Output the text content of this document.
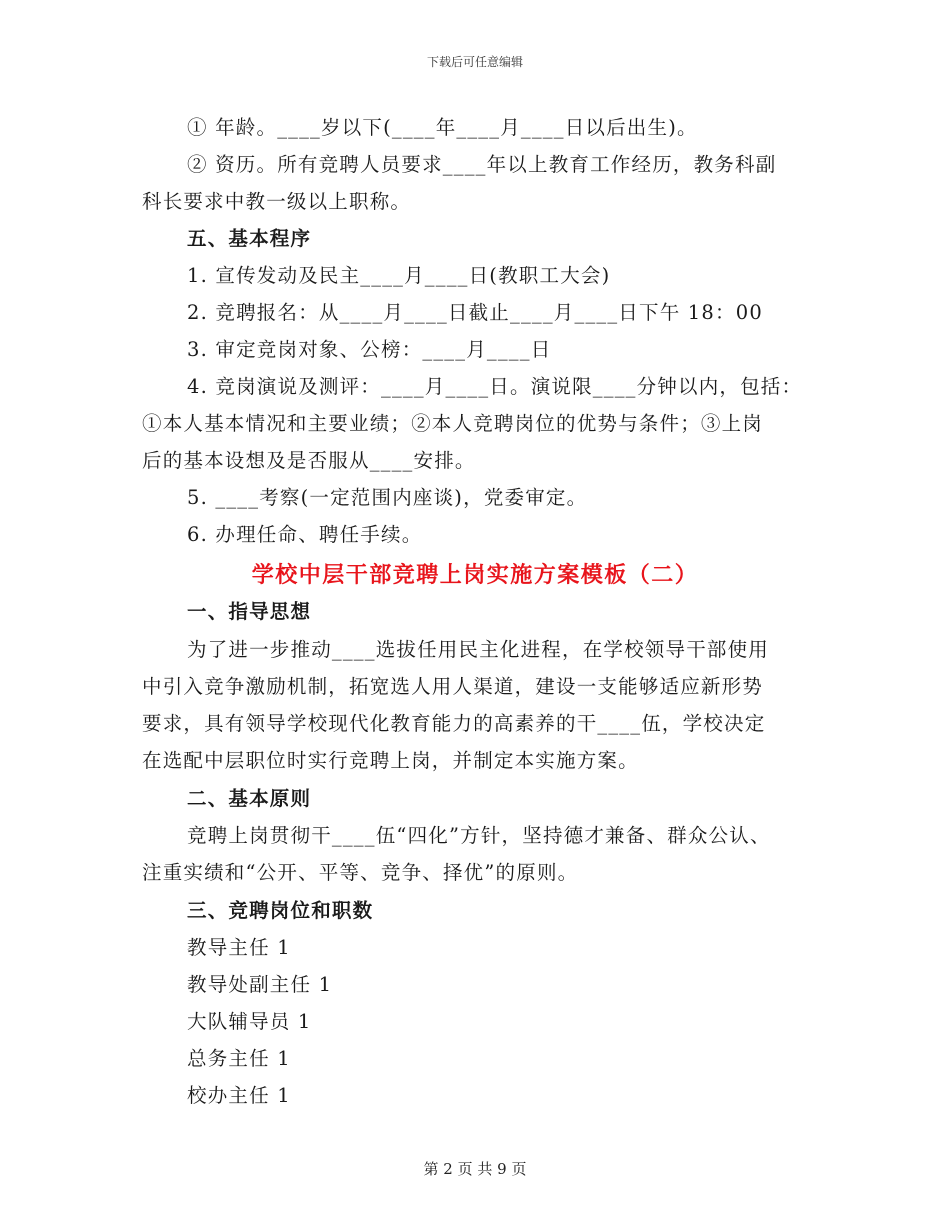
下载后可任意编辑
① 年龄。____岁以下(____年____月____日以后出生)。
② 资历。所有竞聘人员要求____年以上教育工作经历，教务科副
科长要求中教一级以上职称。
五、基本程序
1. 宣传发动及民主____月____日(教职工大会)
2. 竞聘报名：从____月____日截止____月____日下午 18：00
3. 审定竞岗对象、公榜：____月____日
4. 竞岗演说及测评：____月____日。演说限____分钟以内，包括：
①本人基本情况和主要业绩；②本人竞聘岗位的优势与条件；③上岗
后的基本设想及是否服从____安排。
5. ____考察(一定范围内座谈)，党委审定。
6. 办理任命、聘任手续。
学校中层干部竞聘上岗实施方案模板（二）
一、指导思想
为了进一步推动____选拔任用民主化进程，在学校领导干部使用
中引入竞争激励机制，拓宽选人用人渠道，建设一支能够适应新形势
要求，具有领导学校现代化教育能力的高素养的干____伍，学校决定
在选配中层职位时实行竞聘上岗，并制定本实施方案。
二、基本原则
竞聘上岗贯彻干____伍“四化”方针，坚持德才兼备、群众公认、
注重实绩和“公开、平等、竞争、择优”的原则。
三、竞聘岗位和职数
教导主任 1
教导处副主任 1
大队辅导员 1
总务主任 1
校办主任 1
第 2 页 共 9 页
